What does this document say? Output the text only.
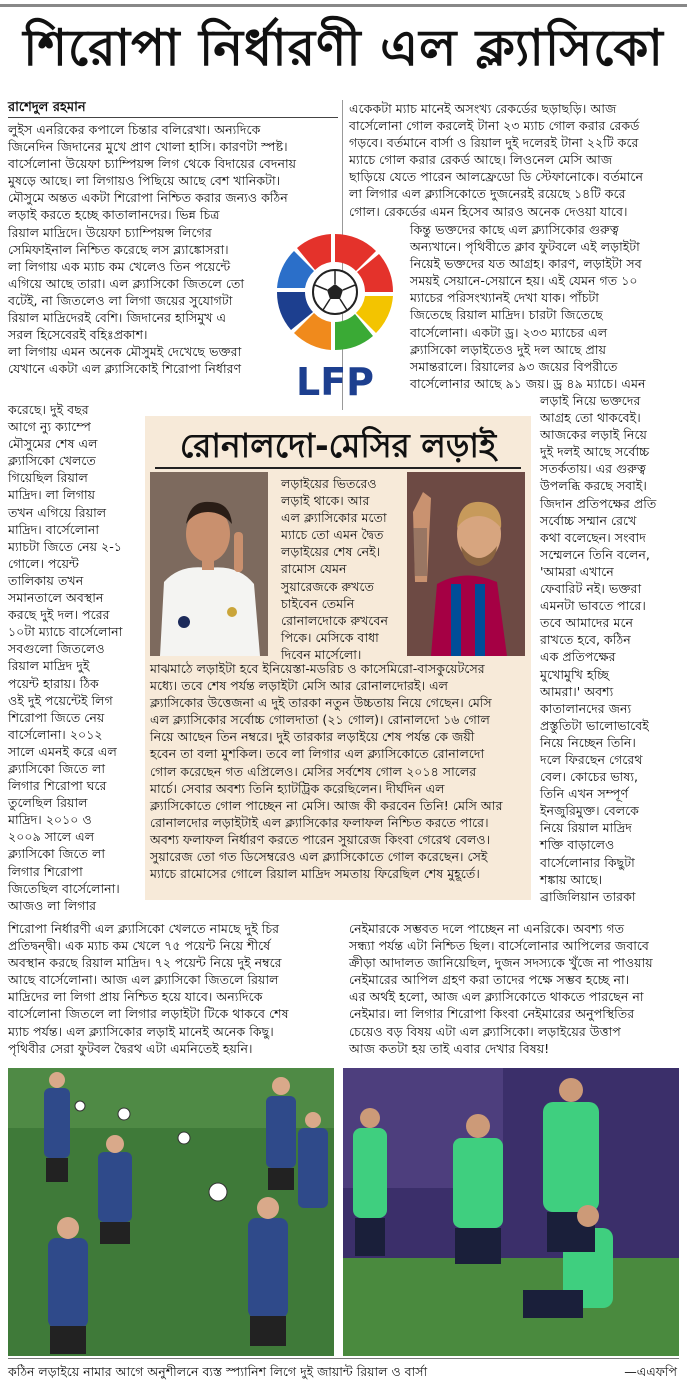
শিরোপা নির্ধারণী এল ক্ল্যাসিকো
রাশেদুল রহমান
লুইস এনরিকের কপালে চিন্তার বলিরেখা। অন্যদিকে
জিনেদিন জিদানের মুখে প্রাণ খোলা হাসি। কারণটা স্পষ্ট।
বার্সেলোনা উয়েফা চ্যাম্পিয়ন্স লিগ থেকে বিদায়ের বেদনায়
মুষড়ে আছে। লা লিগায়ও পিছিয়ে আছে বেশ খানিকটা।
মৌসুমে অন্তত একটা শিরোপা নিশ্চিত করার জন্যও কঠিন
লড়াই করতে হচ্ছে কাতালানদের। ভিন্ন চিত্র
রিয়াল মাদ্রিদে। উয়েফা চ্যাম্পিয়ন্স লিগের
সেমিফাইনাল নিশ্চিত করেছে লস ব্ল্যাঙ্কোসরা।
লা লিগায় এক ম্যাচ কম খেলেও তিন পয়েন্টে
এগিয়ে আছে তারা। এল ক্ল্যাসিকো জিতলে তো
বটেই, না জিতলেও লা লিগা জয়ের সুযোগটা
রিয়াল মাদ্রিদেরই বেশি। জিদানের হাসিমুখ এ
সরল হিসেবেরই বহিঃপ্রকাশ।
লা লিগায় এমন অনেক মৌসুমই দেখেছে ভক্তরা
যেখানে একটা এল ক্ল্যাসিকোই শিরোপা নির্ধারণ
করেছে। দুই বছর
আগে ন্যু ক্যাম্পে
মৌসুমের শেষ এল
ক্ল্যাসিকো খেলতে
গিয়েছিল রিয়াল
মাদ্রিদ। লা লিগায়
তখন এগিয়ে রিয়াল
মাদ্রিদ। বার্সেলোনা
ম্যাচটা জিতে নেয় ২-১
গোলে। পয়েন্ট
তালিকায় তখন
সমানতালে অবস্থান
করছে দুই দল। পরের
১০টা ম্যাচে বার্সেলোনা
সবগুলো জিতলেও
রিয়াল মাদ্রিদ দুই
পয়েন্ট হারায়। ঠিক
ওই দুই পয়েন্টেই লিগ
শিরোপা জিতে নেয়
বার্সেলোনা। ২০১২
সালে এমনই করে এল
ক্ল্যাসিকো জিতে লা
লিগার শিরোপা ঘরে
তুলেছিল রিয়াল
মাদ্রিদ। ২০১০ ও
২০০৯ সালে এল
ক্ল্যাসিকো জিতে লা
লিগার শিরোপা
জিতেছিল বার্সেলোনা।
আজও লা লিগার
শিরোপা নির্ধারণী এল ক্ল্যাসিকো খেলতে নামছে দুই চির
প্রতিদ্বন্দ্বী। এক ম্যাচ কম খেলে ৭৫ পয়েন্ট নিয়ে শীর্ষে
অবস্থান করছে রিয়াল মাদ্রিদ। ৭২ পয়েন্ট নিয়ে দুই নম্বরে
আছে বার্সেলোনা। আজ এল ক্ল্যাসিকো জিতলে রিয়াল
মাদ্রিদের লা লিগা প্রায় নিশ্চিত হয়ে যাবে। অন্যদিকে
বার্সেলোনা জিতলে লা লিগার লড়াইটা টিকে থাকবে শেষ
ম্যাচ পর্যন্ত। এল ক্ল্যাসিকোর লড়াই মানেই অনেক কিছু।
পৃথিবীর সেরা ফুটবল দ্বৈরথ এটা এমনিতেই হয়নি।
একেকটা ম্যাচ মানেই অসংখ্য রেকর্ডের ছড়াছড়ি। আজ
বার্সেলোনা গোল করলেই টানা ২৩ ম্যাচ গোল করার রেকর্ড
গড়বে। বর্তমানে বার্সা ও রিয়াল দুই দলেরই টানা ২২টি করে
ম্যাচে গোল করার রেকর্ড আছে। লিওনেল মেসি আজ
ছাড়িয়ে যেতে পারেন আলফ্রেডো ডি স্টেফানোকে। বর্তমানে
লা লিগার এল ক্ল্যাসিকোতে দুজনেরই রয়েছে ১৪টি করে
গোল। রেকর্ডের এমন হিসেব আরও অনেক দেওয়া যাবে।
কিন্তু ভক্তদের কাছে এল ক্ল্যাসিকোর গুরুত্ব
অন্যখানে। পৃথিবীতে ক্লাব ফুটবলে এই লড়াইটা
নিয়েই ভক্তদের যত আগ্রহ। কারণ, লড়াইটা সব
সময়ই সেয়ানে-সেয়ানে হয়। এই যেমন গত ১০
ম্যাচের পরিসংখ্যানই দেখা যাক। পাঁচটা
জিতেছে রিয়াল মাদ্রিদ। চারটা জিতেছে
বার্সেলোনা। একটা ড্র। ২৩৩ ম্যাচের এল
ক্ল্যাসিকো লড়াইতেও দুই দল আছে প্রায়
সমান্তরালে। রিয়ালের ৯৩ জয়ের বিপরীতে
বার্সেলোনার আছে ৯১ জয়। ড্র ৪৯ ম্যাচে। এমন
লড়াই নিয়ে ভক্তদের
আগ্রহ তো থাকবেই।
আজকের লড়াই নিয়ে
দুই দলই আছে সর্বোচ্চ
সতর্কতায়। এর গুরুত্ব
উপলব্ধি করছে সবাই।
জিদান প্রতিপক্ষের প্রতি
সর্বোচ্চ সম্মান রেখে
কথা বলেছেন। সংবাদ
সম্মেলনে তিনি বলেন,
'আমরা এখানে
ফেবারিট নই। ভক্তরা
এমনটা ভাবতে পারে।
তবে আমাদের মনে
রাখতে হবে, কঠিন
এক প্রতিপক্ষের
মুখোমুখি হচ্ছি
আমরা।' অবশ্য
কাতালানদের জন্য
প্রস্তুতিটা ভালোভাবেই
নিয়ে নিচ্ছেন তিনি।
দলে ফিরছেন গেরেথ
বেল। কোচের ভাষ্য,
তিনি এখন সম্পূর্ণ
ইনজুরিমুক্ত। বেলকে
নিয়ে রিয়াল মাদ্রিদ
শক্তি বাড়ালেও
বার্সেলোনার কিছুটা
শঙ্কায় আছে।
ব্রাজিলিয়ান তারকা
নেইমারকে সম্ভবত দলে পাচ্ছেন না এনরিকে। অবশ্য গত
সন্ধ্যা পর্যন্ত এটা নিশ্চিত ছিল। বার্সেলোনার আপিলের জবাবে
ক্রীড়া আদালত জানিয়েছিল, দুজন সদস্যকে খুঁজে না পাওয়ায়
নেইমারের আপিল গ্রহণ করা তাদের পক্ষে সম্ভব হচ্ছে না।
এর অর্থই হলো, আজ এল ক্ল্যাসিকোতে থাকতে পারছেন না
নেইমার। লা লিগার শিরোপা কিংবা নেইমারের অনুপস্থিতির
চেয়েও বড় বিষয় এটা এল ক্ল্যাসিকো। লড়াইয়ের উত্তাপ
আজ কতটা হয় তাই এবার দেখার বিষয়!
LFP
রোনালদো-মেসির লড়াই
লড়াইয়ের ভিতরেও
লড়াই থাকে। আর
এল ক্ল্যাসিকোর মতো
ম্যাচে তো এমন দ্বৈত
লড়াইয়ের শেষ নেই।
রামোস যেমন
সুয়ারেজকে রুখতে
চাইবেন তেমনি
রোনালদোকে রুখবেন
পিকে। মেসিকে বাধা
দিবেন মার্সেলো।
মাঝমাঠে লড়াইটা হবে ইনিয়েস্তা-মডরিচ ও কাসেমিরো-বাসকুয়েটসের
মধ্যে। তবে শেষ পর্যন্ত লড়াইটা মেসি আর রোনালদোরই। এল
ক্ল্যাসিকোর উত্তেজনা এ দুই তারকা নতুন উচ্চতায় নিয়ে গেছেন। মেসি
এল ক্ল্যাসিকোর সর্বোচ্চ গোলদাতা (২১ গোল)। রোনালদো ১৬ গোল
নিয়ে আছেন তিন নম্বরে। দুই তারকার লড়াইয়ে শেষ পর্যন্ত কে জয়ী
হবেন তা বলা মুশকিল। তবে লা লিগার এল ক্ল্যাসিকোতে রোনালদো
গোল করেছেন গত এপ্রিলেও। মেসির সর্বশেষ গোল ২০১৪ সালের
মার্চে। সেবার অবশ্য তিনি হ্যাটট্রিক করেছিলেন। দীর্ঘদিন এল
ক্ল্যাসিকোতে গোল পাচ্ছেন না মেসি। আজ কী করবেন তিনি! মেসি আর
রোনালদোর লড়াইটাই এল ক্ল্যাসিকোর ফলাফল নিশ্চিত করতে পারে।
অবশ্য ফলাফল নির্ধারণ করতে পারেন সুয়ারেজ কিংবা গেরেথ বেলও।
সুয়ারেজ তো গত ডিসেম্বরেও এল ক্ল্যাসিকোতে গোল করেছেন। সেই
ম্যাচে রামোসের গোলে রিয়াল মাদ্রিদ সমতায় ফিরেছিল শেষ মুহূর্তে।
কঠিন লড়াইয়ে নামার আগে অনুশীলনে ব্যস্ত স্প্যানিশ লিগে দুই জায়ান্ট রিয়াল ও বার্সা	—এএফপি
